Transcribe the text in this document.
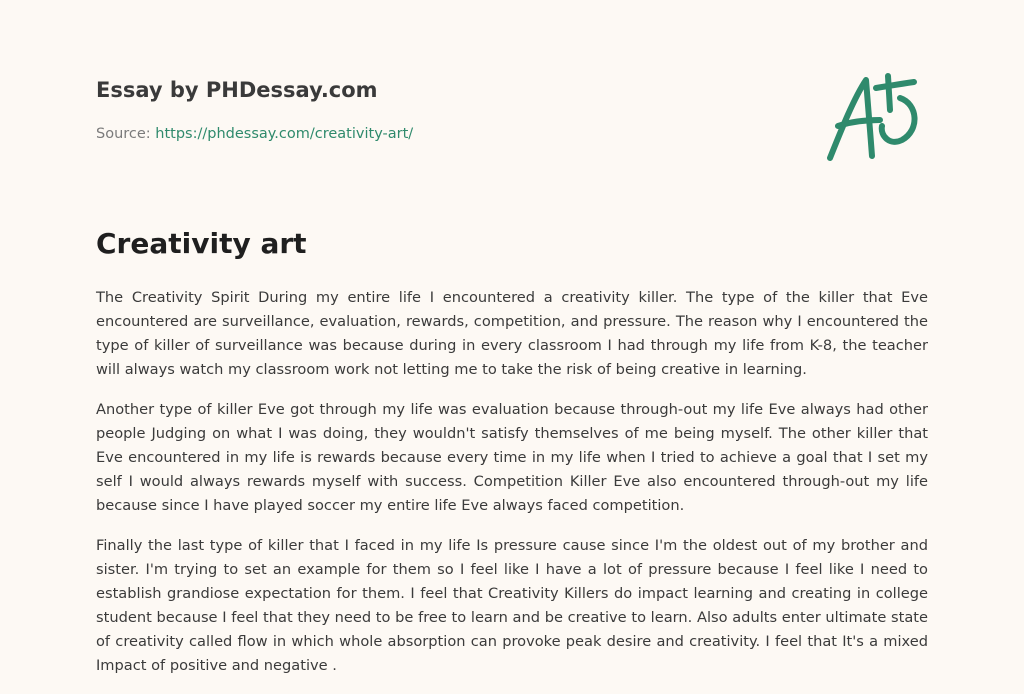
Essay by PHDessay.com
Source: https://phdessay.com/creativity-art/
Creativity art

The Creativity Spirit During my entire life I encountered a creativity killer. The type of the killer that Eve encountered are surveillance, evaluation, rewards, competition, and pressure. The reason why I encountered the type of killer of surveillance was because during in every classroom I had through my life from K-8, the teacher will always watch my classroom work not letting me to take the risk of being creative in learning.

Another type of killer Eve got through my life was evaluation because through-out my life Eve always had other people Judging on what I was doing, they wouldn't satisfy themselves of me being myself. The other killer that Eve encountered in my life is rewards because every time in my life when I tried to achieve a goal that I set my self I would always rewards myself with success. Competition Killer Eve also encountered through-out my life because since I have played soccer my entire life Eve always faced competition.

Finally the last type of killer that I faced in my life Is pressure cause since I'm the oldest out of my brother and sister. I'm trying to set an example for them so I feel like I have a lot of pressure because I feel like I need to establish grandiose expectation for them. I feel that Creativity Killers do impact learning and creating in college student because I feel that they need to be free to learn and be creative to learn. Also adults enter ultimate state of creativity called flow in which whole absorption can provoke peak desire and creativity. I feel that It's a mixed Impact of positive and negative .
